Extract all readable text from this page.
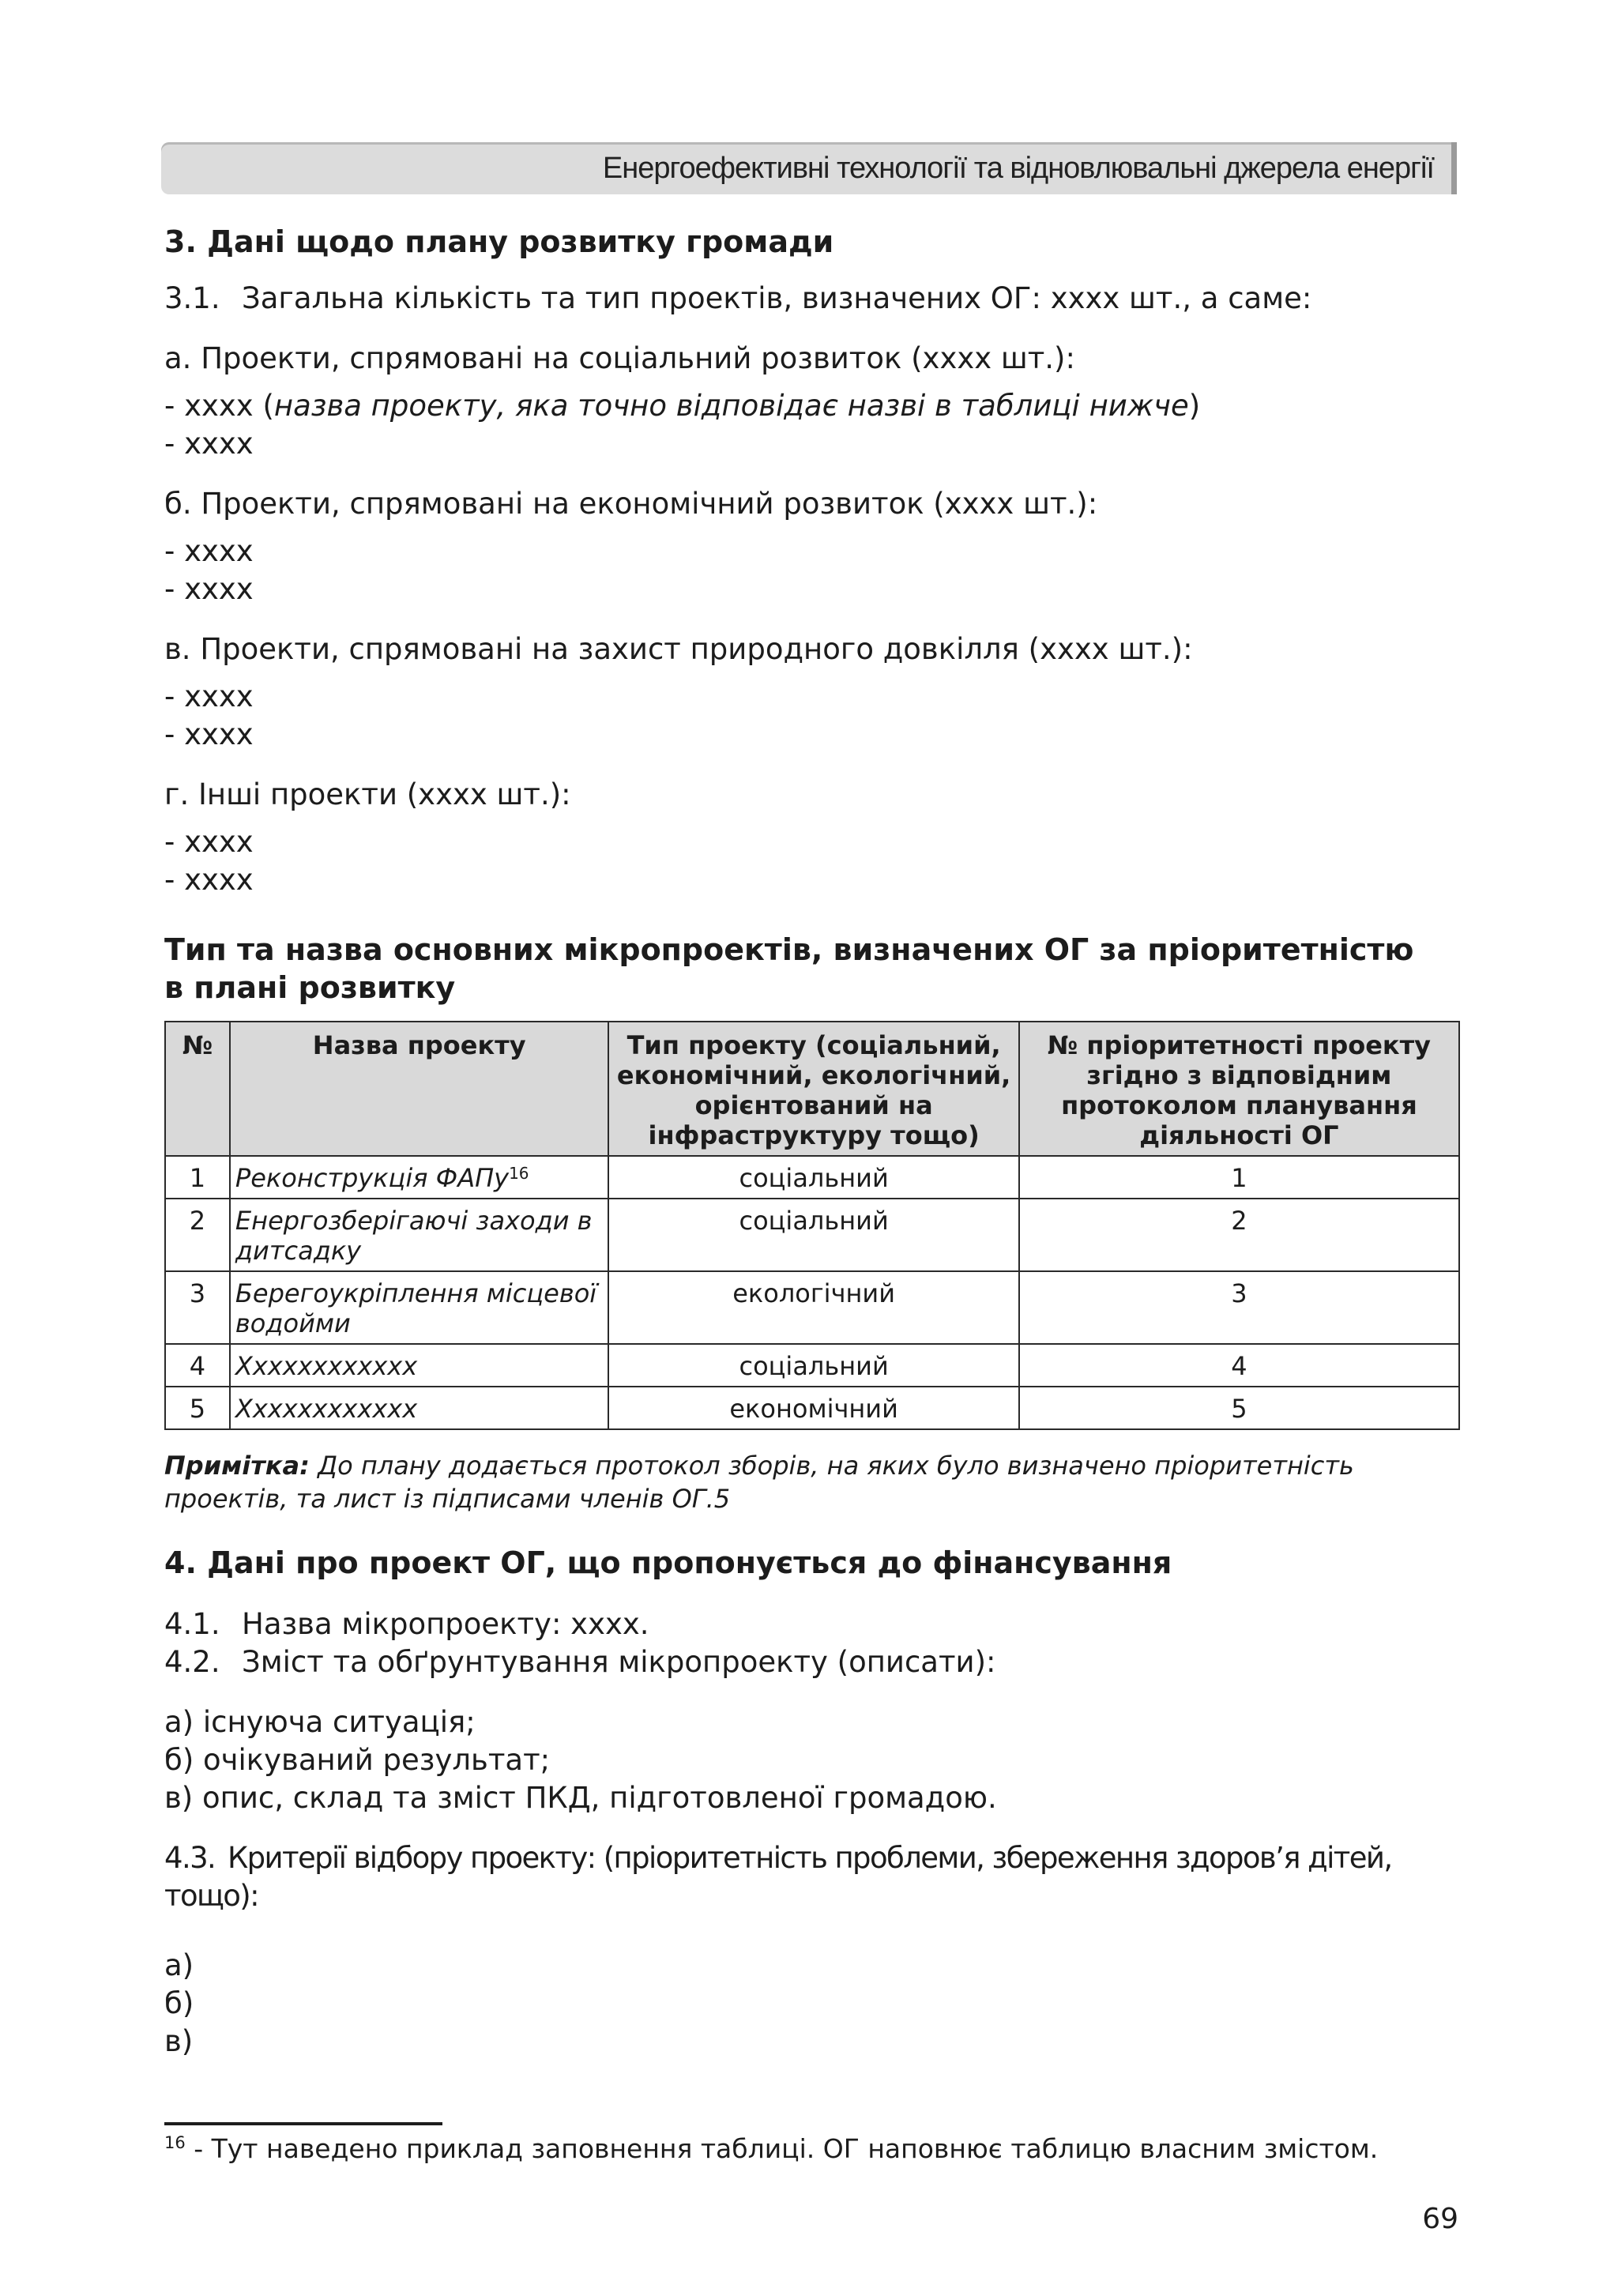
Енергоефективні технології та відновлювальні джерела енергії
3. Дані щодо плану розвитку громади

3.1. Загальна кількість та тип проектів, визначених ОГ: хххх шт., а саме:

а. Проекти, спрямовані на соціальний розвиток (хххх шт.):

- хххх (назва проекту, яка точно відповідає назві в таблиці нижче)

- хххх

б. Проекти, спрямовані на економічний розвиток (хххх шт.):

- хххх

- хххх

в. Проекти, спрямовані на захист природного довкілля (хххх шт.):

- хххх

- хххх

г. Інші проекти (хххх шт.):

- хххх

- хххх

Тип та назва основних мікропроектів, визначених ОГ за пріоритетністю
в плані розвитку
№	Назва проекту	Тип проекту (соціальний,
економічний, екологічний,
орієнтований на
інфраструктуру тощо)	№ пріоритетності проекту
згідно з відповідним
протоколом планування
діяльності ОГ
1	Реконструкція ФАПу$^{16}$	соціальний	1
2	Енергозберігаючі заходи в
дитсадку	соціальний	2
3	Берегоукріплення місцевої
водойми	екологічний	3
4	Хххххххххххх	соціальний	4
5	Хххххххххххх	економічний	5
Примітка: До плану додається протокол зборів, на яких було визначено пріоритетність
проектів, та лист із підписами членів ОГ.5
4. Дані про проект ОГ, що пропонується до фінансування

4.1. Назва мікропроекту: хххх.

4.2. Зміст та обґрунтування мікропроекту (описати):

а) існуюча ситуація;

б) очікуваний результат;

в) опис, склад та зміст ПКД, підготовленої громадою.

4.3. Критерії відбору проекту: (пріоритетність проблеми, збереження здоров’я дітей, тощо):

а)

б)

в)

$^{16}$ - Тут наведено приклад заповнення таблиці. ОГ наповнює таблицю власним змістом.
69
